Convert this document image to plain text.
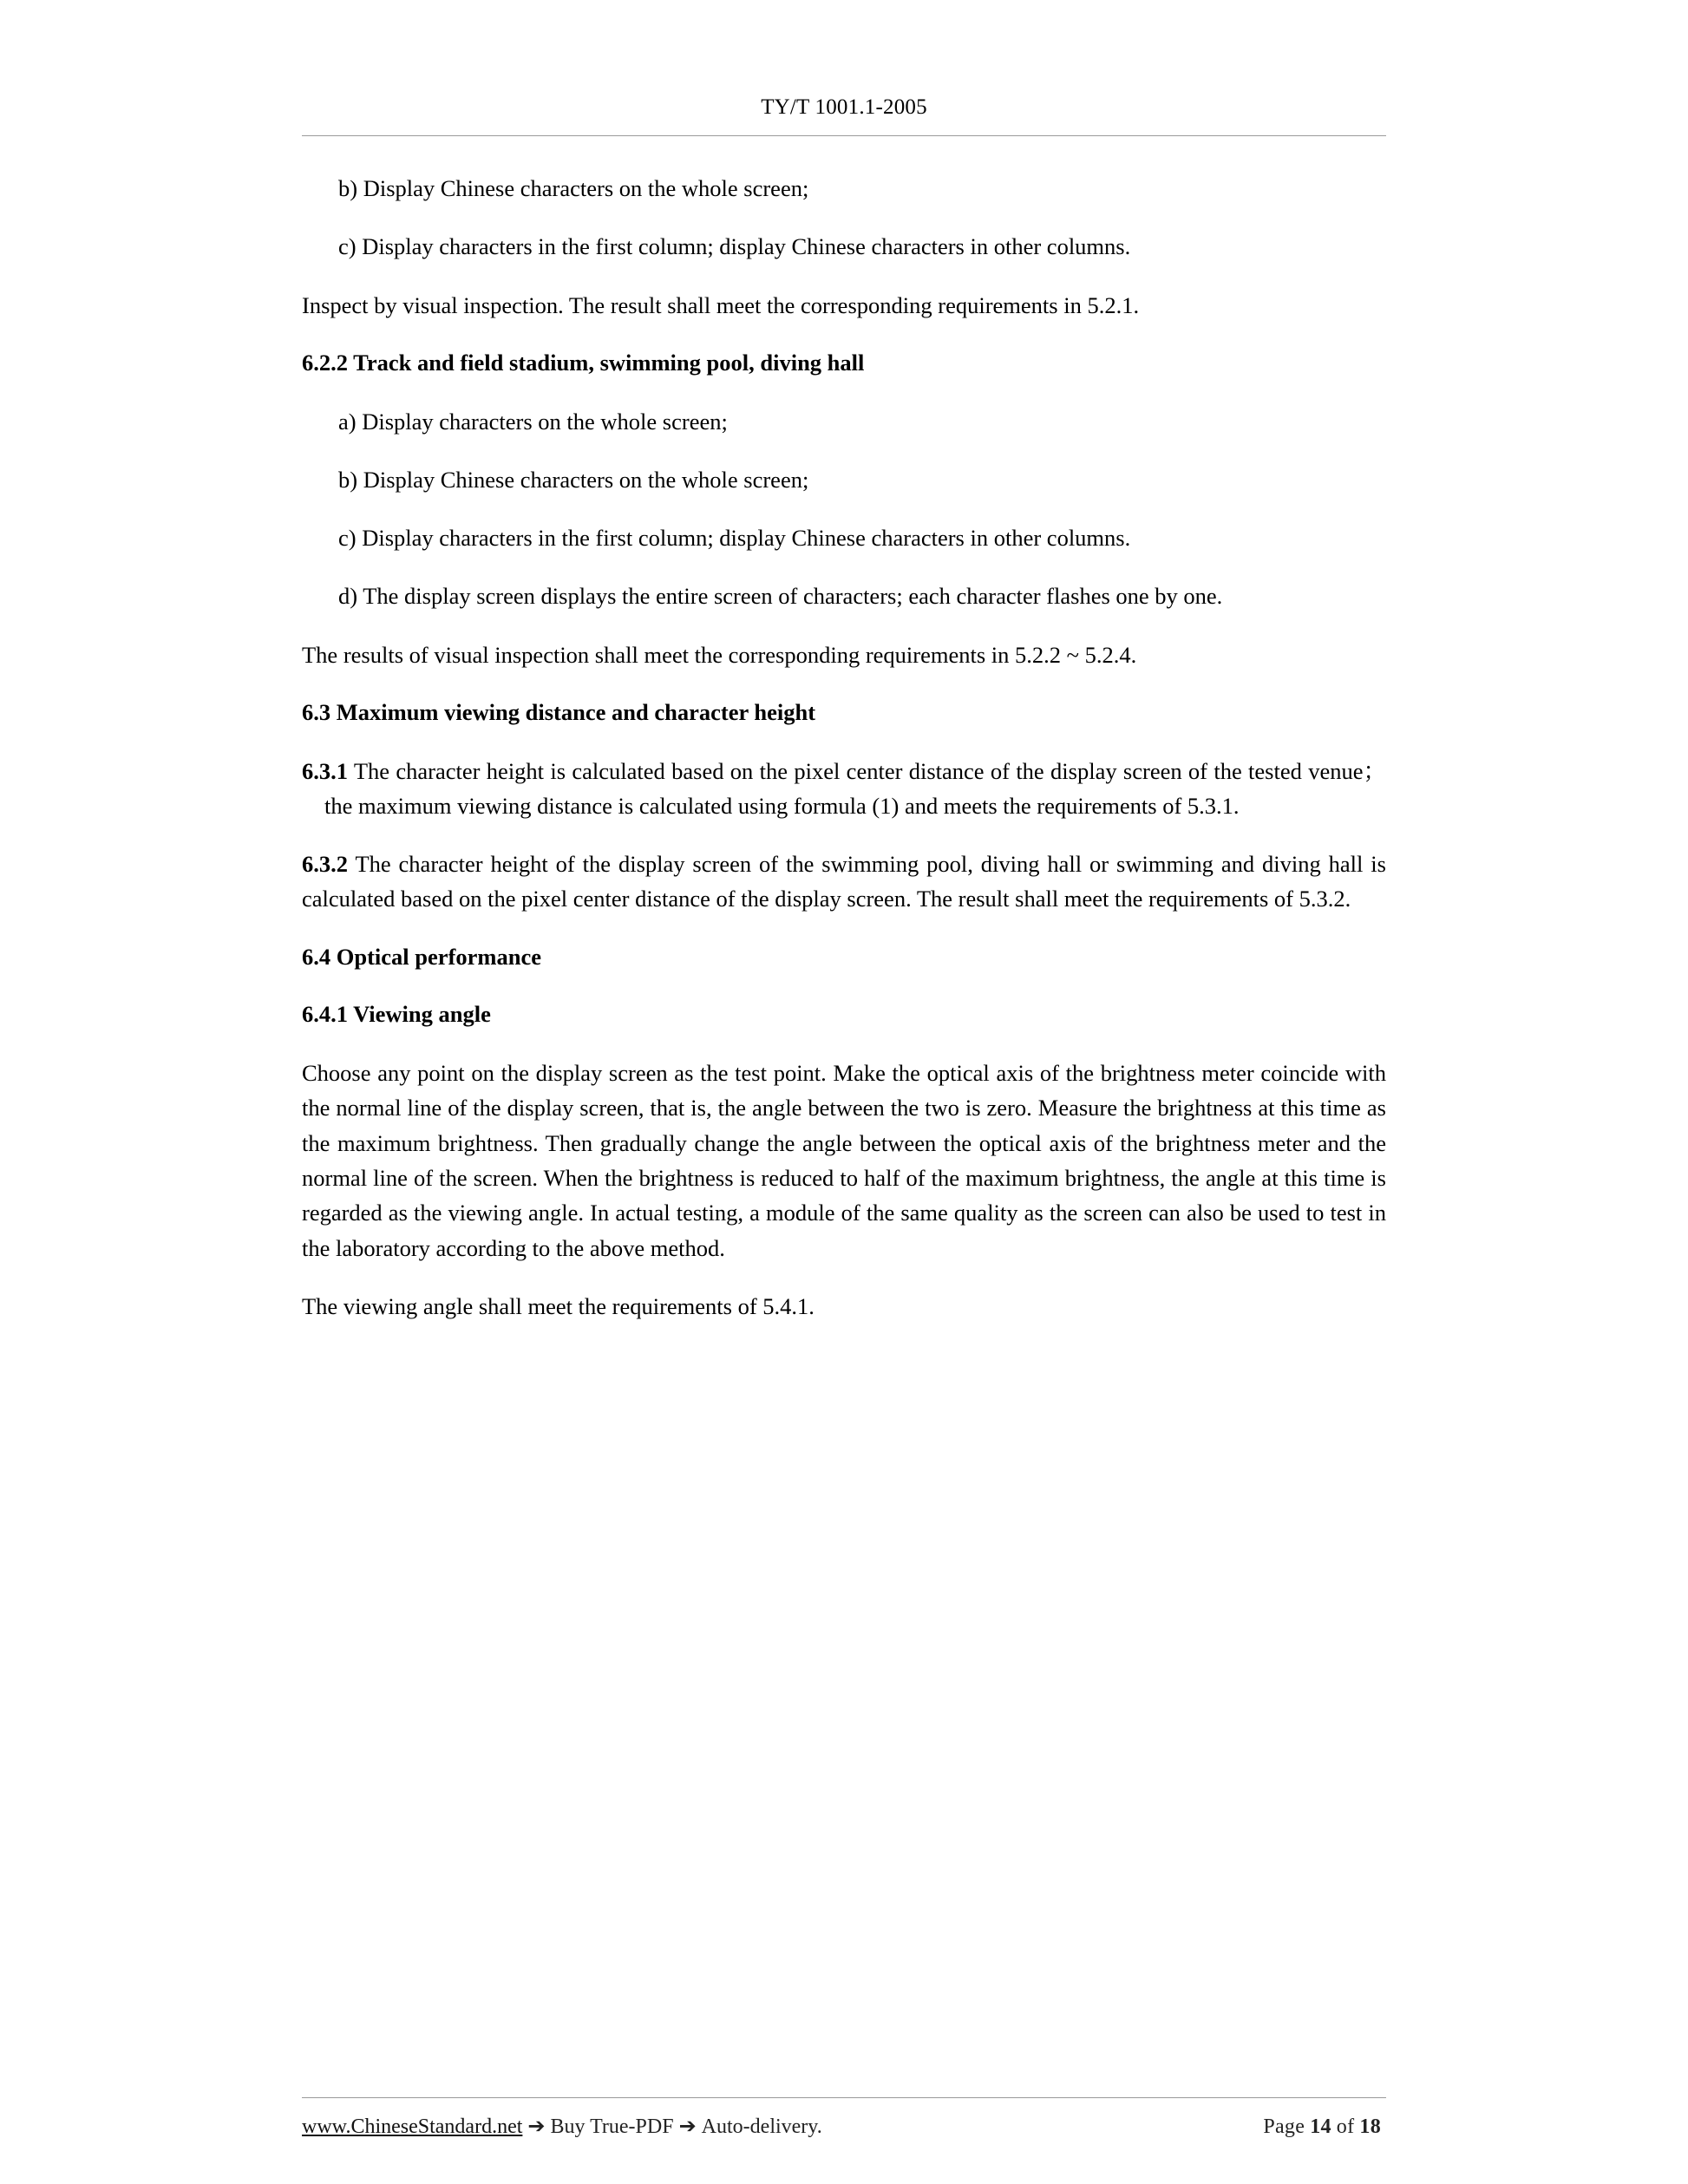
TY/T 1001.1-2005

b) Display Chinese characters on the whole screen;

c) Display characters in the first column; display Chinese characters in other columns.

Inspect by visual inspection. The result shall meet the corresponding requirements in 5.2.1.

6.2.2 Track and field stadium, swimming pool, diving hall

a) Display characters on the whole screen;

b) Display Chinese characters on the whole screen;

c) Display characters in the first column; display Chinese characters in other columns.

d) The display screen displays the entire screen of characters; each character flashes one by one.

The results of visual inspection shall meet the corresponding requirements in 5.2.2 ~ 5.2.4.

6.3 Maximum viewing distance and character height

6.3.1 The character height is calculated based on the pixel center distance of the display screen of the tested venue；the maximum viewing distance is calculated using formula (1) and meets the requirements of 5.3.1.

6.3.2 The character height of the display screen of the swimming pool, diving hall or swimming and diving hall is calculated based on the pixel center distance of the display screen. The result shall meet the requirements of 5.3.2.

6.4 Optical performance

6.4.1 Viewing angle

Choose any point on the display screen as the test point. Make the optical axis of the brightness meter coincide with the normal line of the display screen, that is, the angle between the two is zero. Measure the brightness at this time as the maximum brightness. Then gradually change the angle between the optical axis of the brightness meter and the normal line of the screen. When the brightness is reduced to half of the maximum brightness, the angle at this time is regarded as the viewing angle. In actual testing, a module of the same quality as the screen can also be used to test in the laboratory according to the above method.

The viewing angle shall meet the requirements of 5.4.1.

www.ChineseStandard.net ➔ Buy True-PDF ➔ Auto-delivery.	Page 14 of 18
